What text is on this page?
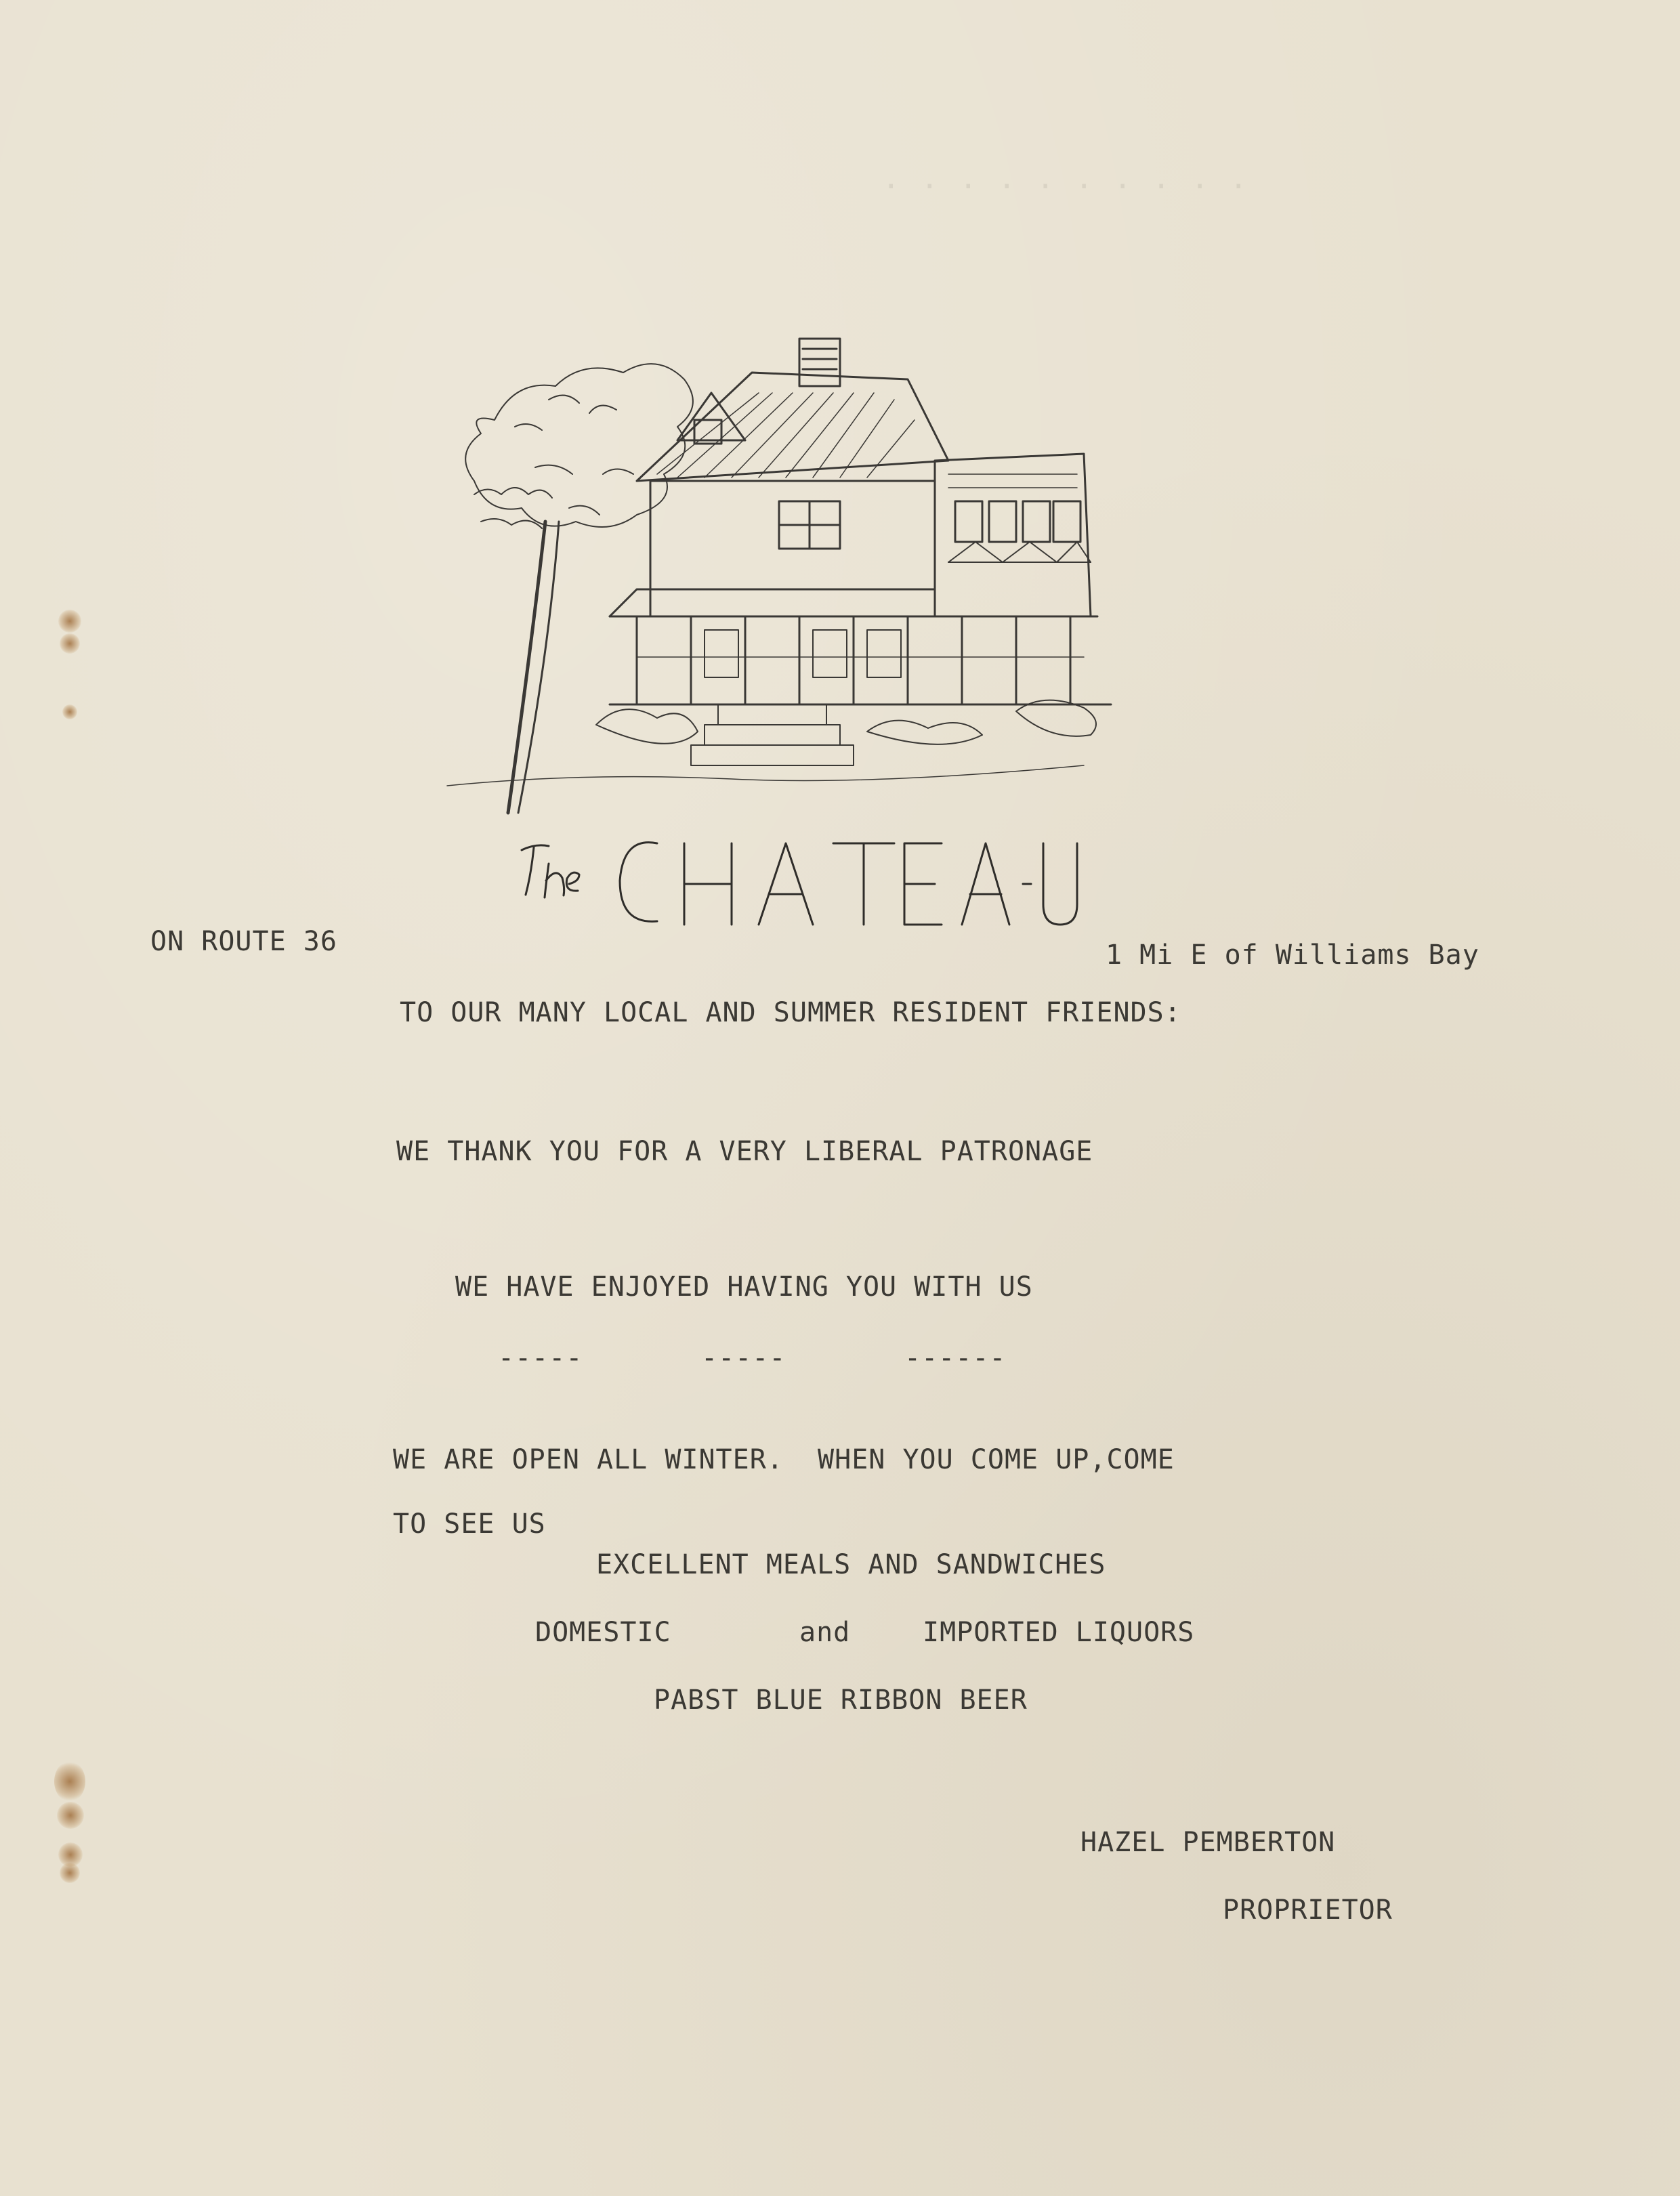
· · · · · · · · · ·
ON ROUTE 36	1 Mi E of Williams Bay
TO OUR MANY LOCAL AND SUMMER RESIDENT FRIENDS:
WE THANK YOU FOR A VERY LIBERAL PATRONAGE
WE HAVE ENJOYED HAVING YOU WITH US
-----	-----	------
WE ARE OPEN ALL WINTER.  WHEN YOU COME UP,COME
TO SEE US
EXCELLENT MEALS AND SANDWICHES
DOMESTIC	and	IMPORTED LIQUORS
PABST BLUE RIBBON BEER
HAZEL PEMBERTON
PROPRIETOR
